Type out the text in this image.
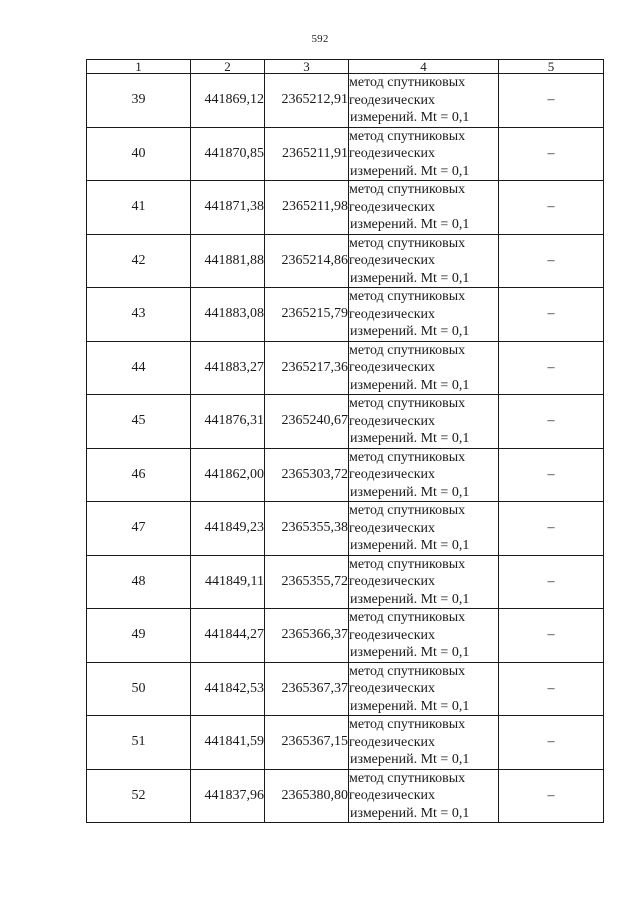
592
1	2	3	4	5
39	441869,12	2365212,91	метод спутниковых
геодезических
измерений. Mt = 0,1	–
40	441870,85	2365211,91	метод спутниковых
геодезических
измерений. Mt = 0,1	–
41	441871,38	2365211,98	метод спутниковых
геодезических
измерений. Mt = 0,1	–
42	441881,88	2365214,86	метод спутниковых
геодезических
измерений. Mt = 0,1	–
43	441883,08	2365215,79	метод спутниковых
геодезических
измерений. Mt = 0,1	–
44	441883,27	2365217,36	метод спутниковых
геодезических
измерений. Mt = 0,1	–
45	441876,31	2365240,67	метод спутниковых
геодезических
измерений. Mt = 0,1	–
46	441862,00	2365303,72	метод спутниковых
геодезических
измерений. Mt = 0,1	–
47	441849,23	2365355,38	метод спутниковых
геодезических
измерений. Mt = 0,1	–
48	441849,11	2365355,72	метод спутниковых
геодезических
измерений. Mt = 0,1	–
49	441844,27	2365366,37	метод спутниковых
геодезических
измерений. Mt = 0,1	–
50	441842,53	2365367,37	метод спутниковых
геодезических
измерений. Mt = 0,1	–
51	441841,59	2365367,15	метод спутниковых
геодезических
измерений. Mt = 0,1	–
52	441837,96	2365380,80	метод спутниковых
геодезических
измерений. Mt = 0,1	–
